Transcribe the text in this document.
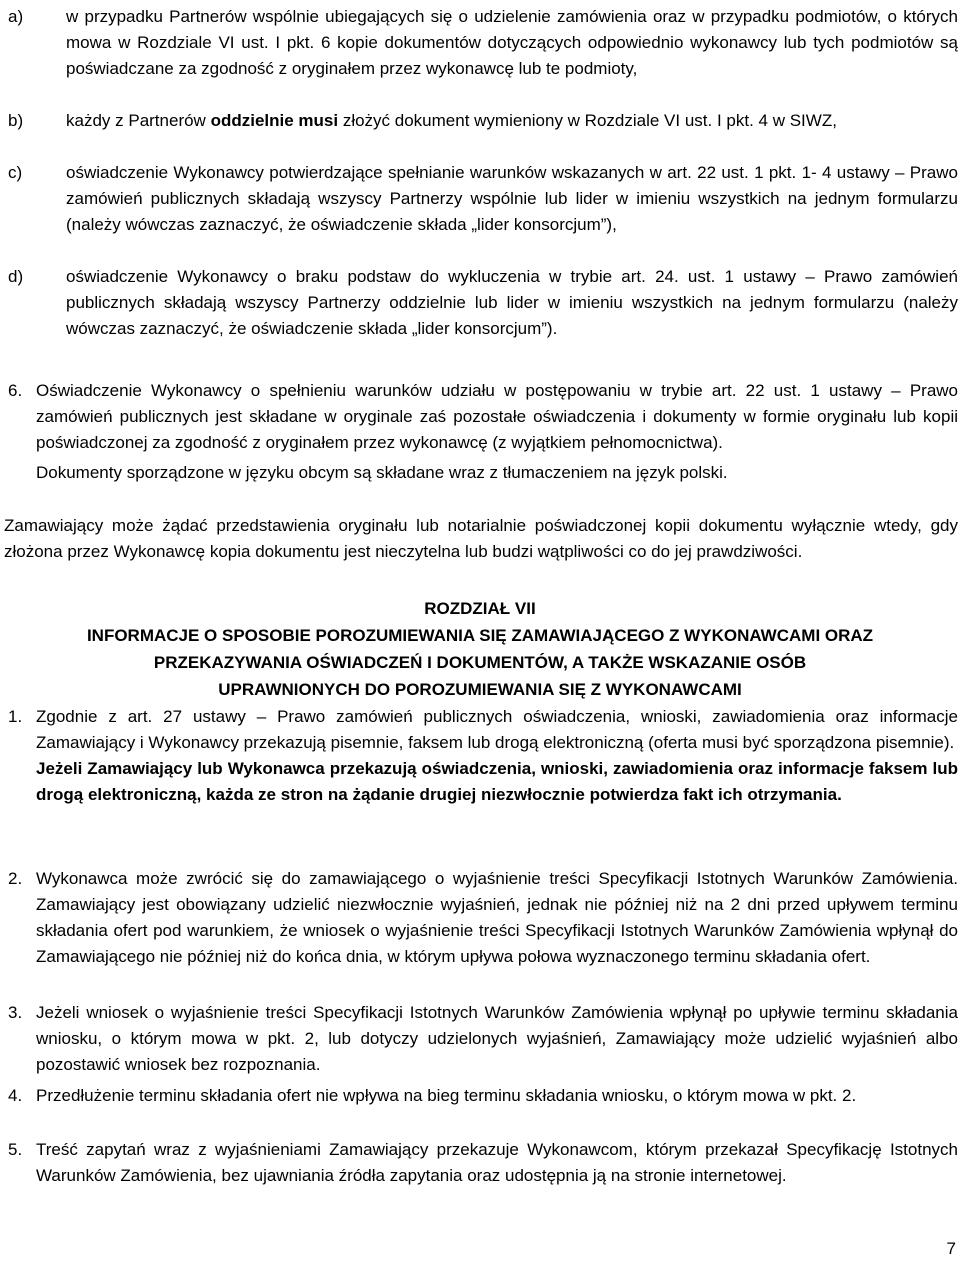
a)	w przypadku Partnerów wspólnie ubiegających się o udzielenie zamówienia oraz w przypadku podmiotów, o których mowa w Rozdziale VI ust. I pkt. 6 kopie dokumentów dotyczących odpowiednio wykonawcy lub tych podmiotów są poświadczane za zgodność z oryginałem przez wykonawcę lub te podmioty,
b)	każdy z Partnerów oddzielnie musi złożyć dokument wymieniony w Rozdziale VI ust. I pkt. 4 w SIWZ,
c)	oświadczenie Wykonawcy potwierdzające spełnianie warunków wskazanych w art. 22 ust. 1 pkt. 1- 4 ustawy – Prawo zamówień publicznych składają wszyscy Partnerzy wspólnie lub lider w imieniu wszystkich na jednym formularzu (należy wówczas zaznaczyć, że oświadczenie składa „lider konsorcjum”),
d)	oświadczenie Wykonawcy o braku podstaw do wykluczenia w trybie art. 24. ust. 1 ustawy – Prawo zamówień publicznych składają wszyscy Partnerzy oddzielnie lub lider w imieniu wszystkich na jednym formularzu (należy wówczas zaznaczyć, że oświadczenie składa „lider konsorcjum”).
6. Oświadczenie Wykonawcy o spełnieniu warunków udziału w postępowaniu w trybie art. 22 ust. 1 ustawy – Prawo zamówień publicznych jest składane w oryginale zaś pozostałe oświadczenia i dokumenty w formie oryginału lub kopii poświadczonej za zgodność z oryginałem przez wykonawcę (z wyjątkiem pełnomocnictwa).
Dokumenty sporządzone w języku obcym są składane wraz z tłumaczeniem na język polski.
Zamawiający może żądać przedstawienia oryginału lub notarialnie poświadczonej kopii dokumentu wyłącznie wtedy, gdy złożona przez Wykonawcę kopia dokumentu jest nieczytelna lub budzi wątpliwości co do jej prawdziwości.
ROZDZIAŁ VII
INFORMACJE O SPOSOBIE POROZUMIEWANIA SIĘ ZAMAWIAJĄCEGO Z WYKONAWCAMI ORAZ
PRZEKAZYWANIA OŚWIADCZEŃ I DOKUMENTÓW, A TAKŻE WSKAZANIE OSÓB
UPRAWNIONYCH DO POROZUMIEWANIA SIĘ Z WYKONAWCAMI
1. Zgodnie z art. 27 ustawy – Prawo zamówień publicznych oświadczenia, wnioski, zawiadomienia oraz informacje Zamawiający i Wykonawcy przekazują pisemnie, faksem lub drogą elektroniczną (oferta musi być sporządzona pisemnie).
Jeżeli Zamawiający lub Wykonawca przekazują oświadczenia, wnioski, zawiadomienia oraz informacje faksem lub drogą elektroniczną, każda ze stron na żądanie drugiej niezwłocznie potwierdza fakt ich otrzymania.
2. Wykonawca może zwrócić się do zamawiającego o wyjaśnienie treści Specyfikacji Istotnych Warunków Zamówienia. Zamawiający jest obowiązany udzielić niezwłocznie wyjaśnień, jednak nie później niż na 2 dni przed upływem terminu składania ofert pod warunkiem, że wniosek o wyjaśnienie treści Specyfikacji Istotnych Warunków Zamówienia wpłynął do Zamawiającego nie później niż do końca dnia, w którym upływa połowa wyznaczonego terminu składania ofert.
3. Jeżeli wniosek o wyjaśnienie treści Specyfikacji Istotnych Warunków Zamówienia wpłynął po upływie terminu składania wniosku, o którym mowa w pkt. 2, lub dotyczy udzielonych wyjaśnień, Zamawiający może udzielić wyjaśnień albo pozostawić wniosek bez rozpoznania.
4. Przedłużenie terminu składania ofert nie wpływa na bieg terminu składania wniosku, o którym mowa w pkt. 2.
5. Treść zapytań wraz z wyjaśnieniami Zamawiający przekazuje Wykonawcom, którym przekazał Specyfikację Istotnych Warunków Zamówienia, bez ujawniania źródła zapytania oraz udostępnia ją na stronie internetowej.
7
